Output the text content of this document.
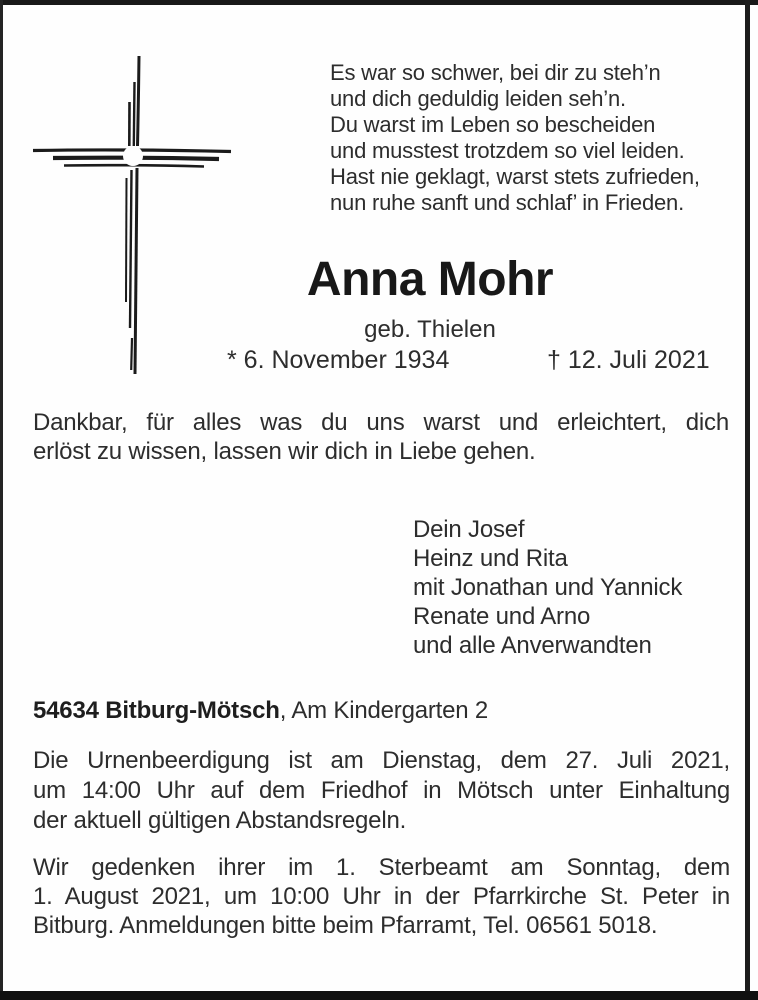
Es war so schwer, bei dir zu steh’n
und dich geduldig leiden seh’n.
Du warst im Leben so bescheiden
und musstest trotzdem so viel leiden.
Hast nie geklagt, warst stets zufrieden,
nun ruhe sanft und schlaf’ in Frieden.
Anna Mohr
geb. Thielen
* 6. November 1934	† 12. Juli 2021
Dankbar, für alles was du uns warst und erleichtert, dich
erlöst zu wissen, lassen wir dich in Liebe gehen.
Dein Josef
Heinz und Rita
mit Jonathan und Yannick
Renate und Arno
und alle Anverwandten
54634 Bitburg-Mötsch, Am Kindergarten 2
Die Urnenbeerdigung ist am Dienstag, dem 27. Juli 2021,
um 14:00 Uhr auf dem Friedhof in Mötsch unter Einhaltung
der aktuell gültigen Abstandsregeln.
Wir gedenken ihrer im 1. Sterbeamt am Sonntag, dem
1. August 2021, um 10:00 Uhr in der Pfarrkirche St. Peter in
Bitburg. Anmeldungen bitte beim Pfarramt, Tel. 06561 5018.
